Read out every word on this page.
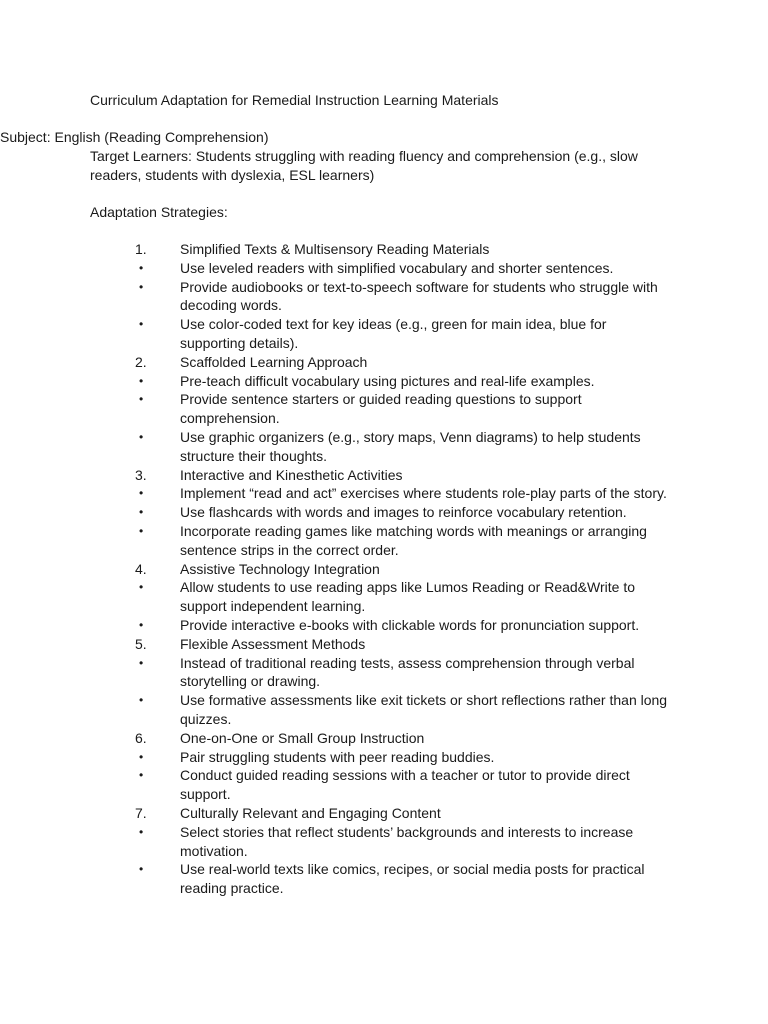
Curriculum Adaptation for Remedial Instruction Learning Materials
Subject: English (Reading Comprehension)
Target Learners: Students struggling with reading fluency and comprehension (e.g., slow readers, students with dyslexia, ESL learners)
Adaptation Strategies:
1.	Simplified Texts & Multisensory Reading Materials
•	Use leveled readers with simplified vocabulary and shorter sentences.
•	Provide audiobooks or text-to-speech software for students who struggle with decoding words.
•	Use color-coded text for key ideas (e.g., green for main idea, blue for supporting details).
2.	Scaffolded Learning Approach
•	Pre-teach difficult vocabulary using pictures and real-life examples.
•	Provide sentence starters or guided reading questions to support comprehension.
•	Use graphic organizers (e.g., story maps, Venn diagrams) to help students structure their thoughts.
3.	Interactive and Kinesthetic Activities
•	Implement “read and act” exercises where students role-play parts of the story.
•	Use flashcards with words and images to reinforce vocabulary retention.
•	Incorporate reading games like matching words with meanings or arranging sentence strips in the correct order.
4.	Assistive Technology Integration
•	Allow students to use reading apps like Lumos Reading or Read&Write to support independent learning.
•	Provide interactive e-books with clickable words for pronunciation support.
5.	Flexible Assessment Methods
•	Instead of traditional reading tests, assess comprehension through verbal storytelling or drawing.
•	Use formative assessments like exit tickets or short reflections rather than long quizzes.
6.	One-on-One or Small Group Instruction
•	Pair struggling students with peer reading buddies.
•	Conduct guided reading sessions with a teacher or tutor to provide direct support.
7.	Culturally Relevant and Engaging Content
•	Select stories that reflect students’ backgrounds and interests to increase motivation.
•	Use real-world texts like comics, recipes, or social media posts for practical reading practice.
